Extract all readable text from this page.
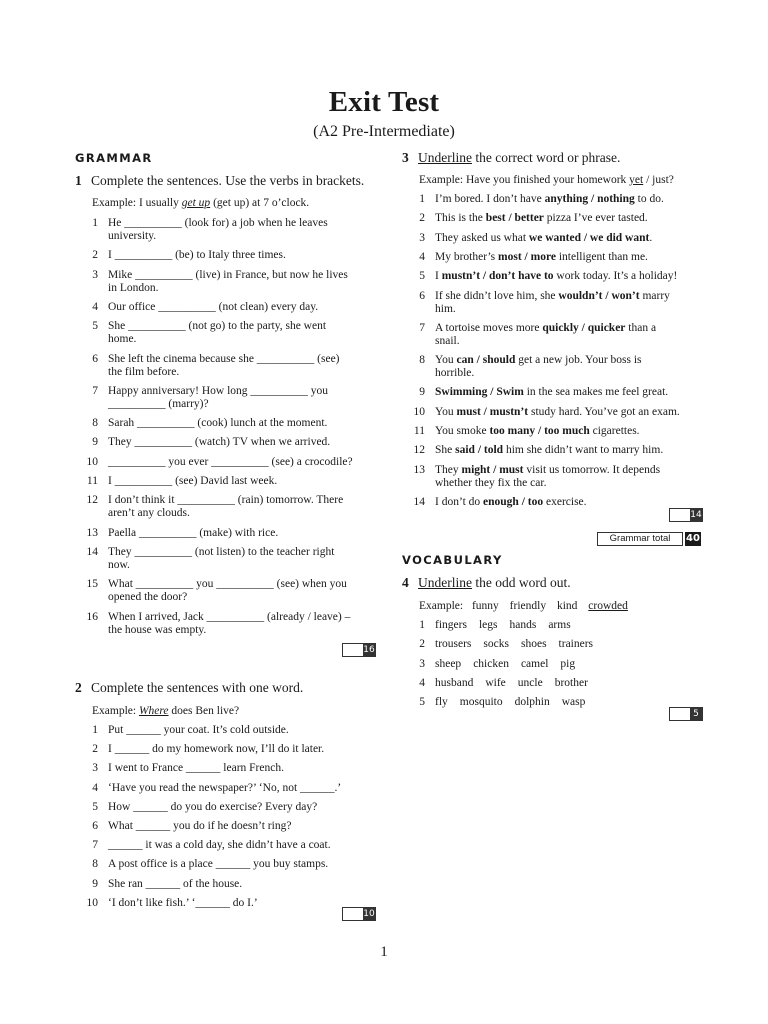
Exit Test
(A2 Pre-Intermediate)
GRAMMAR
1 Complete the sentences. Use the verbs in brackets.
Example: I usually get up (get up) at 7 o’clock.
1 He __________ (look for) a job when he leaves
university.
2 I __________ (be) to Italy three times.
3 Mike __________ (live) in France, but now he lives
in London.
4 Our office __________ (not clean) every day.
5 She __________ (not go) to the party, she went
home.
6 She left the cinema because she __________ (see)
the film before.
7 Happy anniversary! How long __________ you
__________ (marry)?
8 Sarah __________ (cook) lunch at the moment.
9 They __________ (watch) TV when we arrived.
10 __________ you ever __________ (see) a crocodile?
11 I __________ (see) David last week.
12 I don’t think it __________ (rain) tomorrow. There
aren’t any clouds.
13 Paella __________ (make) with rice.
14 They __________ (not listen) to the teacher right
now.
15 What __________ you __________ (see) when you
opened the door?
16 When I arrived, Jack __________ (already / leave) –
the house was empty.
16
2 Complete the sentences with one word.
Example: Where does Ben live?
1 Put ______ your coat. It’s cold outside.
2 I ______ do my homework now, I’ll do it later.
3 I went to France ______ learn French.
4 ‘Have you read the newspaper?’ ‘No, not ______.’
5 How ______ do you do exercise? Every day?
6 What ______ you do if he doesn’t ring?
7 ______ it was a cold day, she didn’t have a coat.
8 A post office is a place ______ you buy stamps.
9 She ran ______ of the house.
10 ‘I don’t like fish.’ ‘______ do I.’
10
3 Underline the correct word or phrase.
Example: Have you finished your homework yet / just?
1 I’m bored. I don’t have anything / nothing to do.
2 This is the best / better pizza I’ve ever tasted.
3 They asked us what we wanted / we did want.
4 My brother’s most / more intelligent than me.
5 I mustn’t / don’t have to work today. It’s a holiday!
6 If she didn’t love him, she wouldn’t / won’t marry
him.
7 A tortoise moves more quickly / quicker than a
snail.
8 You can / should get a new job. Your boss is
horrible.
9 Swimming / Swim in the sea makes me feel great.
10 You must / mustn’t study hard. You’ve got an exam.
11 You smoke too many / too much cigarettes.
12 She said / told him she didn’t want to marry him.
13 They might / must visit us tomorrow. It depends
whether they fix the car.
14 I don’t do enough / too exercise.
14
Grammar total	40
VOCABULARY
4 Underline the odd word out.
Example: funny friendly kind crowded
1 fingers legs hands arms
2 trousers socks shoes trainers
3 sheep chicken camel pig
4 husband wife uncle brother
5 fly mosquito dolphin wasp
5
1
